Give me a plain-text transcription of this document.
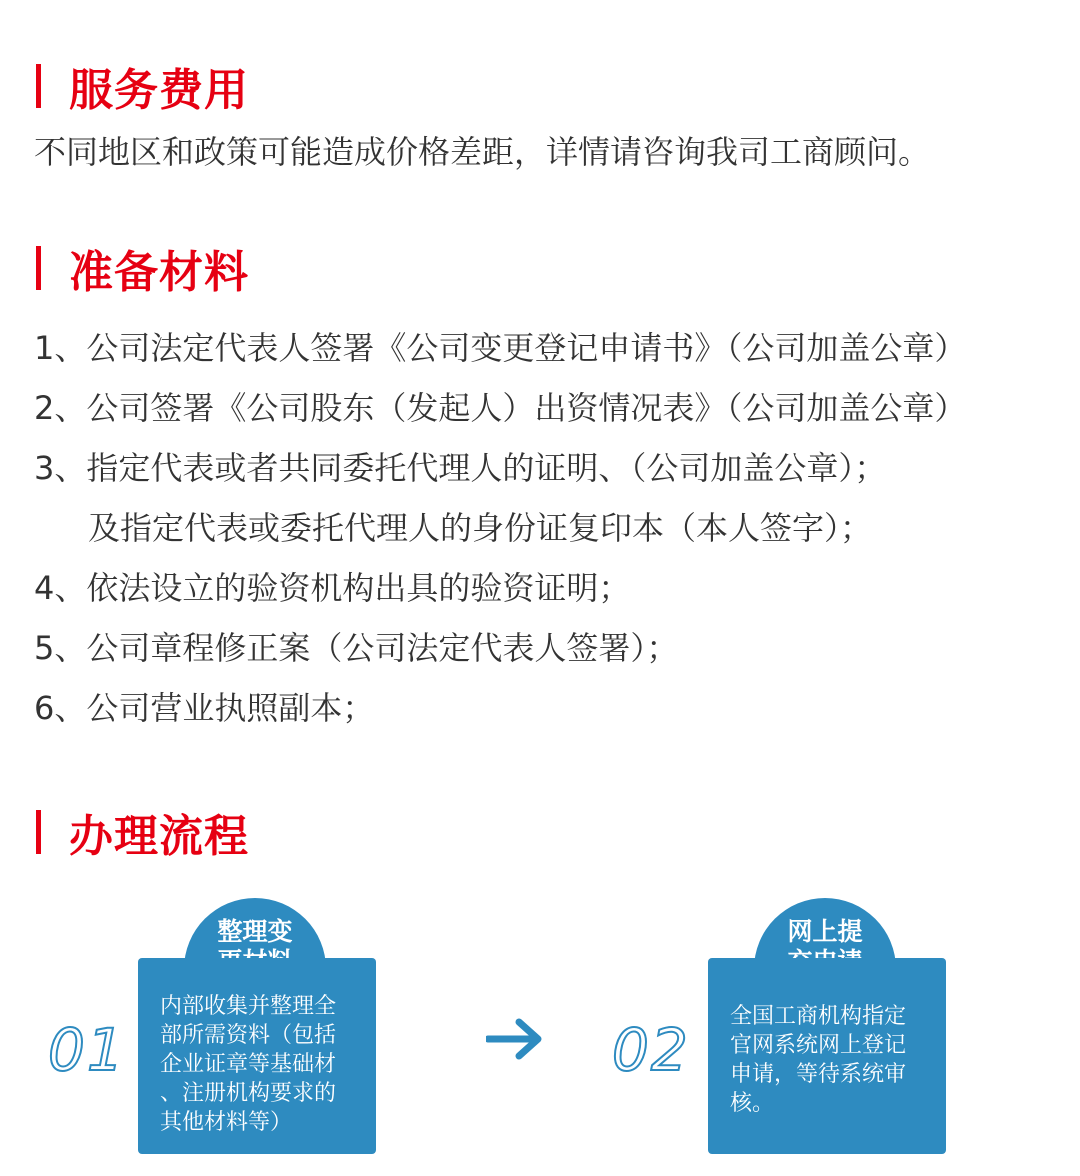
服务费用
不同地区和政策可能造成价格差距，详情请咨询我司工商顾问。
准备材料
1、公司法定代表人签署《公司变更登记申请书》（公司加盖公章）
2、公司签署《公司股东（发起人）出资情况表》（公司加盖公章）
3、指定代表或者共同委托代理人的证明、（公司加盖公章）；
及指定代表或委托代理人的身份证复印本（本人签字）；
4、依法设立的验资机构出具的验资证明；
5、公司章程修正案（公司法定代表人签署）；
6、公司营业执照副本；
办理流程
01
整理变
内部收集并整理全
部所需资料（包括
企业证章等基础材
、注册机构要求的
其他材料等）
02
网上提
全国工商机构指定
官网系统网上登记
申请，等待系统审
核。
